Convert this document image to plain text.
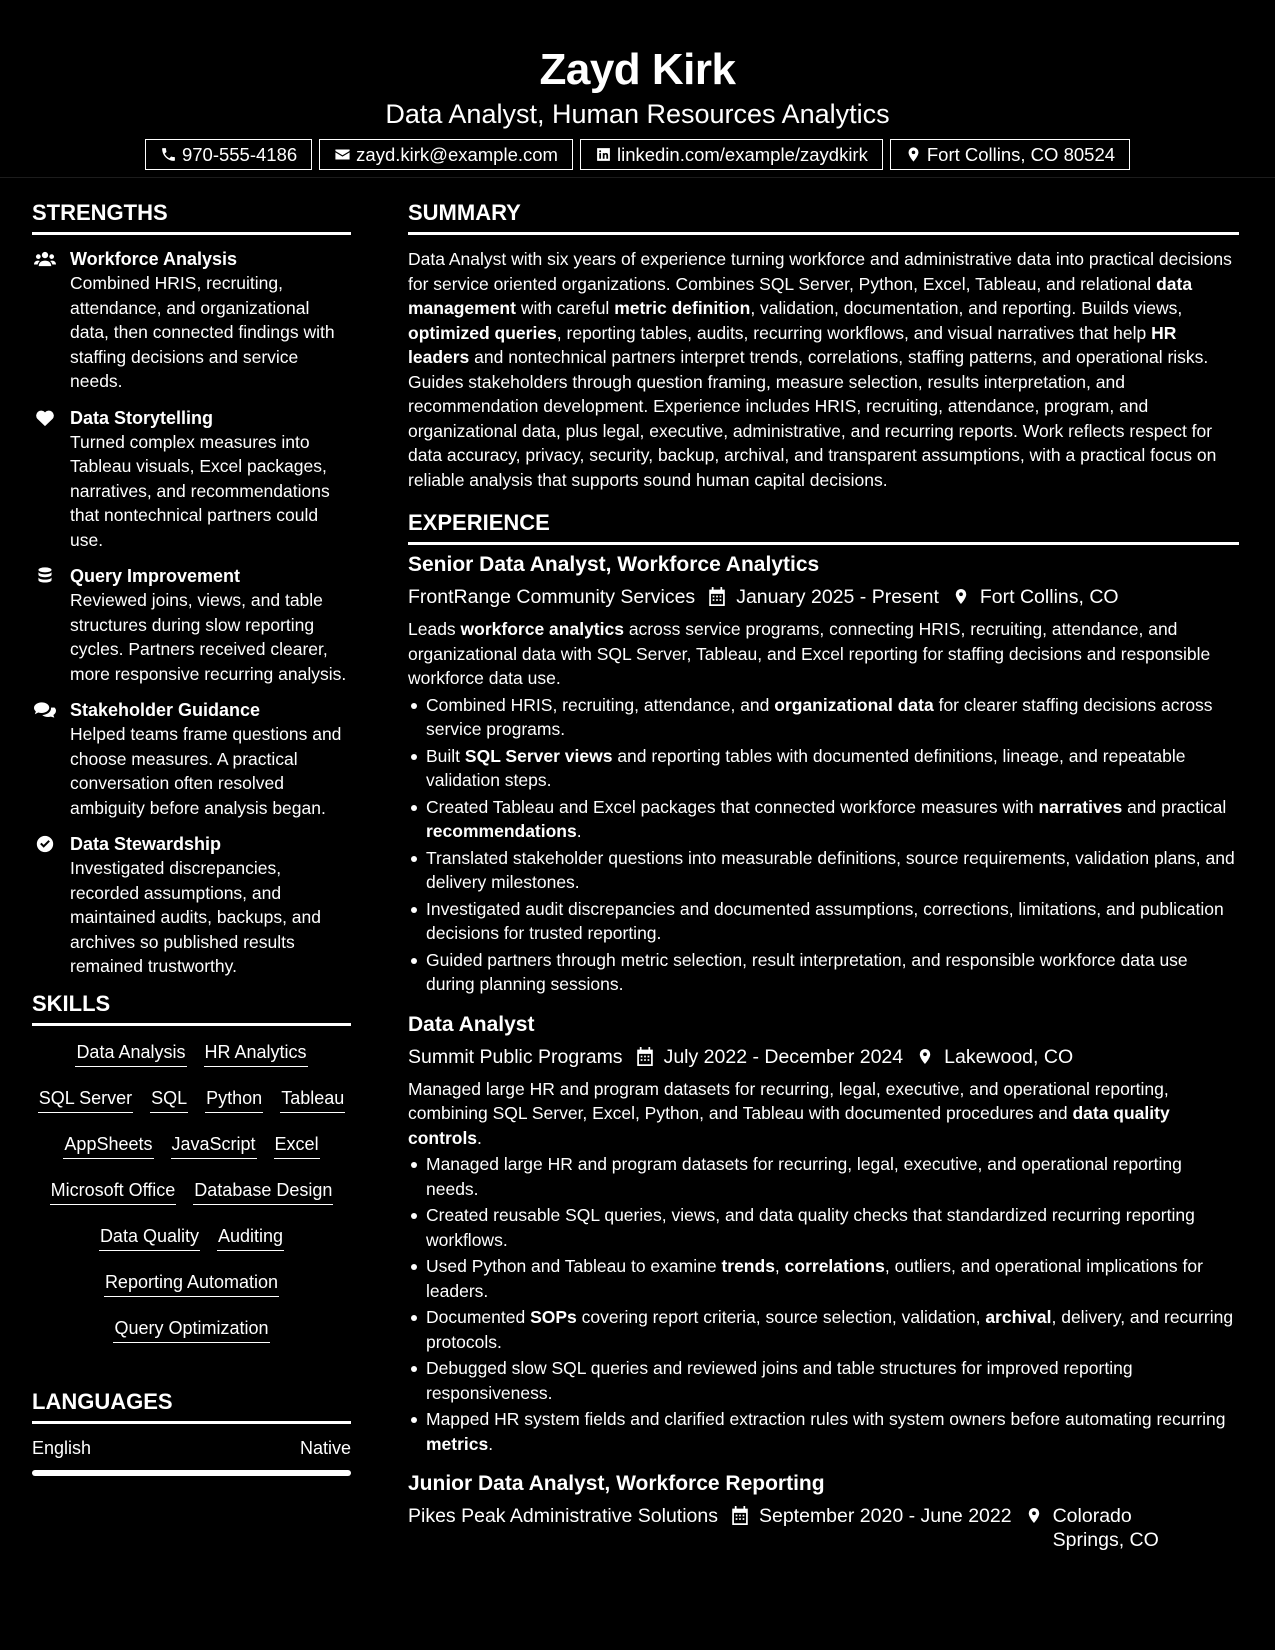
Zayd Kirk
Data Analyst, Human Resources Analytics
970-555-4186	zayd.kirk@example.com	linkedin.com/example/zaydkirk	Fort Collins, CO 80524
STRENGTHS
Workforce Analysis

Combined HRIS, recruiting, attendance, and organizational data, then connected findings with staffing decisions and service needs.

Data Storytelling

Turned complex measures into Tableau visuals, Excel packages, narratives, and recommendations that nontechnical partners could use.

Query Improvement

Reviewed joins, views, and table structures during slow reporting cycles. Partners received clearer, more responsive recurring analysis.

Stakeholder Guidance

Helped teams frame questions and choose measures. A practical conversation often resolved ambiguity before analysis began.

Data Stewardship

Investigated discrepancies, recorded assumptions, and maintained audits, backups, and archives so published results remained trustworthy.

SKILLS
Data Analysis HR Analytics
SQL Server SQL Python Tableau
AppSheets JavaScript Excel
Microsoft Office Database Design
Data Quality Auditing
Reporting Automation
Query Optimization
LANGUAGES
English	Native
SUMMARY

Data Analyst with six years of experience turning workforce and administrative data into practical decisions for service oriented organizations. Combines SQL Server, Python, Excel, Tableau, and relational data management with careful metric definition, validation, documentation, and reporting. Builds views, optimized queries, reporting tables, audits, recurring workflows, and visual narratives that help HR leaders and nontechnical partners interpret trends, correlations, staffing patterns, and operational risks. Guides stakeholders through question framing, measure selection, results interpretation, and recommendation development. Experience includes HRIS, recruiting, attendance, program, and organizational data, plus legal, executive, administrative, and recurring reports. Work reflects respect for data accuracy, privacy, security, backup, archival, and transparent assumptions, with a practical focus on reliable analysis that supports sound human capital decisions.

EXPERIENCE
Senior Data Analyst, Workforce Analytics
FrontRange Community Services January 2025 - Present Fort Collins, CO

Leads workforce analytics across service programs, connecting HRIS, recruiting, attendance, and organizational data with SQL Server, Tableau, and Excel reporting for staffing decisions and responsible workforce data use.

Combined HRIS, recruiting, attendance, and organizational data for clearer staffing decisions across service programs.
Built SQL Server views and reporting tables with documented definitions, lineage, and repeatable validation steps.
Created Tableau and Excel packages that connected workforce measures with narratives and practical recommendations.
Translated stakeholder questions into measurable definitions, source requirements, validation plans, and delivery milestones.
Investigated audit discrepancies and documented assumptions, corrections, limitations, and publication decisions for trusted reporting.
Guided partners through metric selection, result interpretation, and responsible workforce data use during planning sessions.
Data Analyst
Summit Public Programs July 2022 - December 2024 Lakewood, CO

Managed large HR and program datasets for recurring, legal, executive, and operational reporting, combining SQL Server, Excel, Python, and Tableau with documented procedures and data quality controls.

Managed large HR and program datasets for recurring, legal, executive, and operational reporting needs.
Created reusable SQL queries, views, and data quality checks that standardized recurring reporting workflows.
Used Python and Tableau to examine trends, correlations, outliers, and operational implications for leaders.
Documented SOPs covering report criteria, source selection, validation, archival, delivery, and recurring protocols.
Debugged slow SQL queries and reviewed joins and table structures for improved reporting responsiveness.
Mapped HR system fields and clarified extraction rules with system owners before automating recurring metrics.
Junior Data Analyst, Workforce Reporting
Pikes Peak Administrative Solutions September 2020 - June 2022 Colorado Springs, CO
